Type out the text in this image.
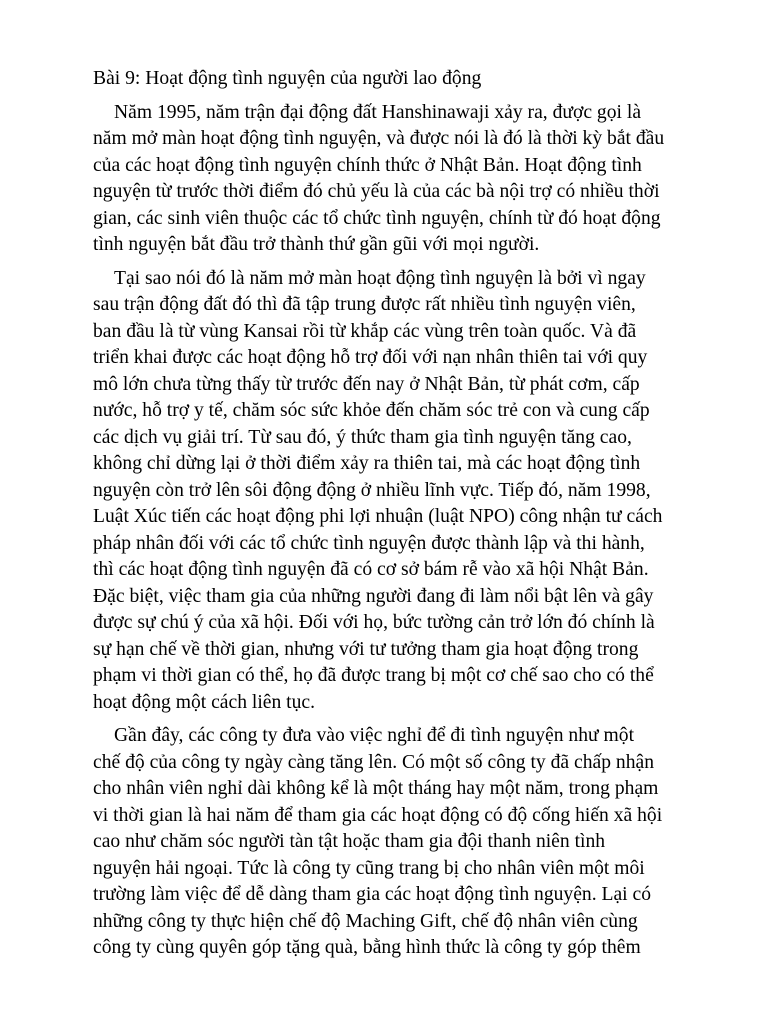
Bài 9: Hoạt động tình nguyện của người lao động

Năm 1995, năm trận đại động đất Hanshinawaji xảy ra, được gọi là
năm mở màn hoạt động tình nguyện, và được nói là đó là thời kỳ bắt đầu
của các hoạt động tình nguyện chính thức ở Nhật Bản. Hoạt động tình
nguyện từ trước thời điểm đó chủ yếu là của các bà nội trợ có nhiều thời
gian, các sinh viên thuộc các tổ chức tình nguyện, chính từ đó hoạt động
tình nguyện bắt đầu trở thành thứ gần gũi với mọi người.

Tại sao nói đó là năm mở màn hoạt động tình nguyện là bởi vì ngay
sau trận động đất đó thì đã tập trung được rất nhiều tình nguyện viên,
ban đầu là từ vùng Kansai rồi từ khắp các vùng trên toàn quốc. Và đã
triển khai được các hoạt động hỗ trợ đối với nạn nhân thiên tai với quy
mô lớn chưa từng thấy từ trước đến nay ở Nhật Bản, từ phát cơm, cấp
nước, hỗ trợ y tế, chăm sóc sức khỏe đến chăm sóc trẻ con và cung cấp
các dịch vụ giải trí. Từ sau đó, ý thức tham gia tình nguyện tăng cao,
không chỉ dừng lại ở thời điểm xảy ra thiên tai, mà các hoạt động tình
nguyện còn trở lên sôi động động ở nhiều lĩnh vực. Tiếp đó, năm 1998,
Luật Xúc tiến các hoạt động phi lợi nhuận (luật NPO) công nhận tư cách
pháp nhân đối với các tổ chức tình nguyện được thành lập và thi hành,
thì các hoạt động tình nguyện đã có cơ sở bám rễ vào xã hội Nhật Bản.
Đặc biệt, việc tham gia của những người đang đi làm nổi bật lên và gây
được sự chú ý của xã hội. Đối với họ, bức tường cản trở lớn đó chính là
sự hạn chế về thời gian, nhưng với tư tưởng tham gia hoạt động trong
phạm vi thời gian có thể, họ đã được trang bị một cơ chế sao cho có thể
hoạt động một cách liên tục.

Gần đây, các công ty đưa vào việc nghỉ để đi tình nguyện như một
chế độ của công ty ngày càng tăng lên. Có một số công ty đã chấp nhận
cho nhân viên nghỉ dài không kể là một tháng hay một năm, trong phạm
vi thời gian là hai năm để tham gia các hoạt động có độ cống hiến xã hội
cao như chăm sóc người tàn tật hoặc tham gia đội thanh niên tình
nguyện hải ngoại. Tức là công ty cũng trang bị cho nhân viên một môi
trường làm việc để dễ dàng tham gia các hoạt động tình nguyện. Lại có
những công ty thực hiện chế độ Maching Gift, chế độ nhân viên cùng
công ty cùng quyên góp tặng quà, bằng hình thức là công ty góp thêm
